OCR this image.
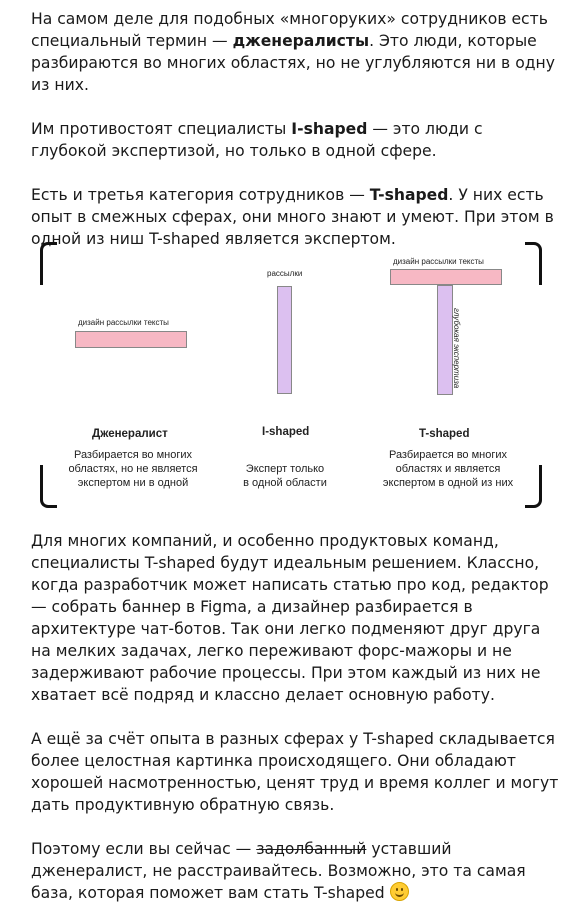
На самом деле для подобных «многоруких» сотрудников есть специальный термин — дженералисты. Это люди, которые разбираются во многих областях, но не углубляются ни в одну из них.

Им противостоят специалисты I-shaped — это люди с глубокой экспертизой, но только в одной сфере.

Есть и третья категория сотрудников — T-shaped. У них есть опыт в смежных сферах, они много знают и умеют. При этом в одной из ниш T-shaped является экспертом.

дизайн рассылки тексты
Дженералист
Разбирается во многих
областях, но не является
экспертом ни в одной
рассылки
I-shaped
Эксперт только
в одной области
дизайн рассылки тексты
глубокая экспертиза
T-shaped
Разбирается во многих
областях и является
экспертом в одной из них

Для многих компаний, и особенно продуктовых команд, специалисты T-shaped будут идеальным решением. Классно, когда разработчик может написать статью про код, редактор — собрать баннер в Figma, а дизайнер разбирается в архитектуре чат-ботов. Так они легко подменяют друг друга на мелких задачах, легко переживают форс-мажоры и не задерживают рабочие процессы. При этом каждый из них не хватает всё подряд и классно делает основную работу.

А ещё за счёт опыта в разных сферах у T-shaped складывается более целостная картинка происходящего. Они обладают хорошей насмотренностью, ценят труд и время коллег и могут дать продуктивную обратную связь.

Поэтому если вы сейчас — задолбанный уставший дженералист, не расстраивайтесь. Возможно, это та самая база, которая поможет вам стать T-shaped
